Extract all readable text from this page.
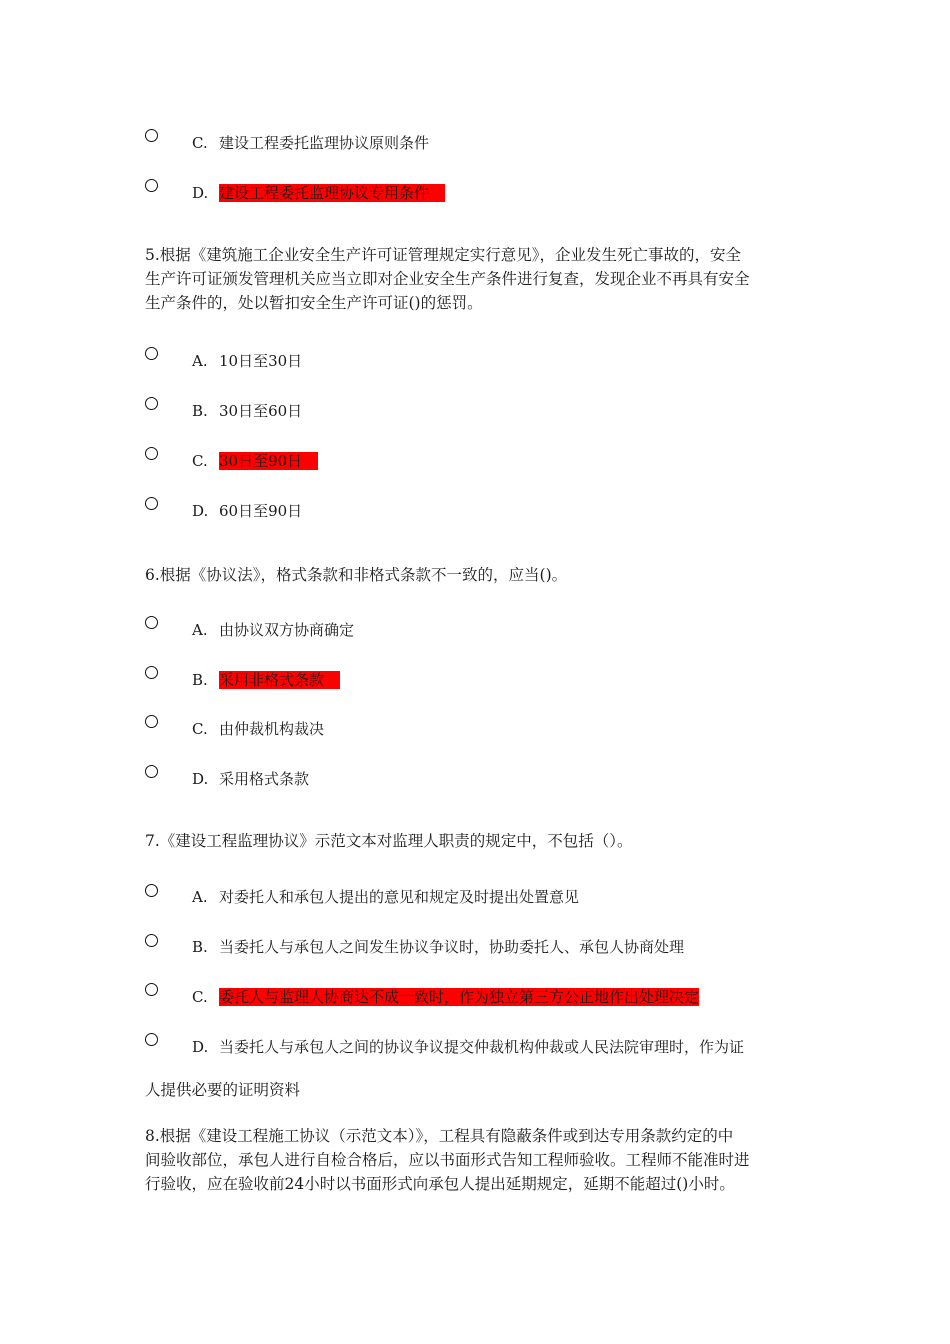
C. 建设工程委托监理协议原则条件
D. 建设工程委托监理协议专用条件
5.根据《建筑施工企业安全生产许可证管理规定实行意见》，企业发生死亡事故的，安全
生产许可证颁发管理机关应当立即对企业安全生产条件进行复查，发现企业不再具有安全
生产条件的，处以暂扣安全生产许可证()的惩罚。
A. 10日至30日
B. 30日至60日
C. 30日至90日
D. 60日至90日
6.根据《协议法》，格式条款和非格式条款不一致的，应当()。
A. 由协议双方协商确定
B. 采用非格式条款
C. 由仲裁机构裁决
D. 采用格式条款
7.《建设工程监理协议》示范文本对监理人职责的规定中，不包括（）。
A. 对委托人和承包人提出的意见和规定及时提出处置意见
B. 当委托人与承包人之间发生协议争议时，协助委托人、承包人协商处理
C. 委托人与监理人协商达不成一致时，作为独立第三方公正地作出处理决定
D. 当委托人与承包人之间的协议争议提交仲裁机构仲裁或人民法院审理时，作为证
人提供必要的证明资料
8.根据《建设工程施工协议（示范文本）》，工程具有隐蔽条件或到达专用条款约定的中
间验收部位，承包人进行自检合格后，应以书面形式告知工程师验收。工程师不能准时进
行验收，应在验收前24小时以书面形式向承包人提出延期规定，延期不能超过()小时。
